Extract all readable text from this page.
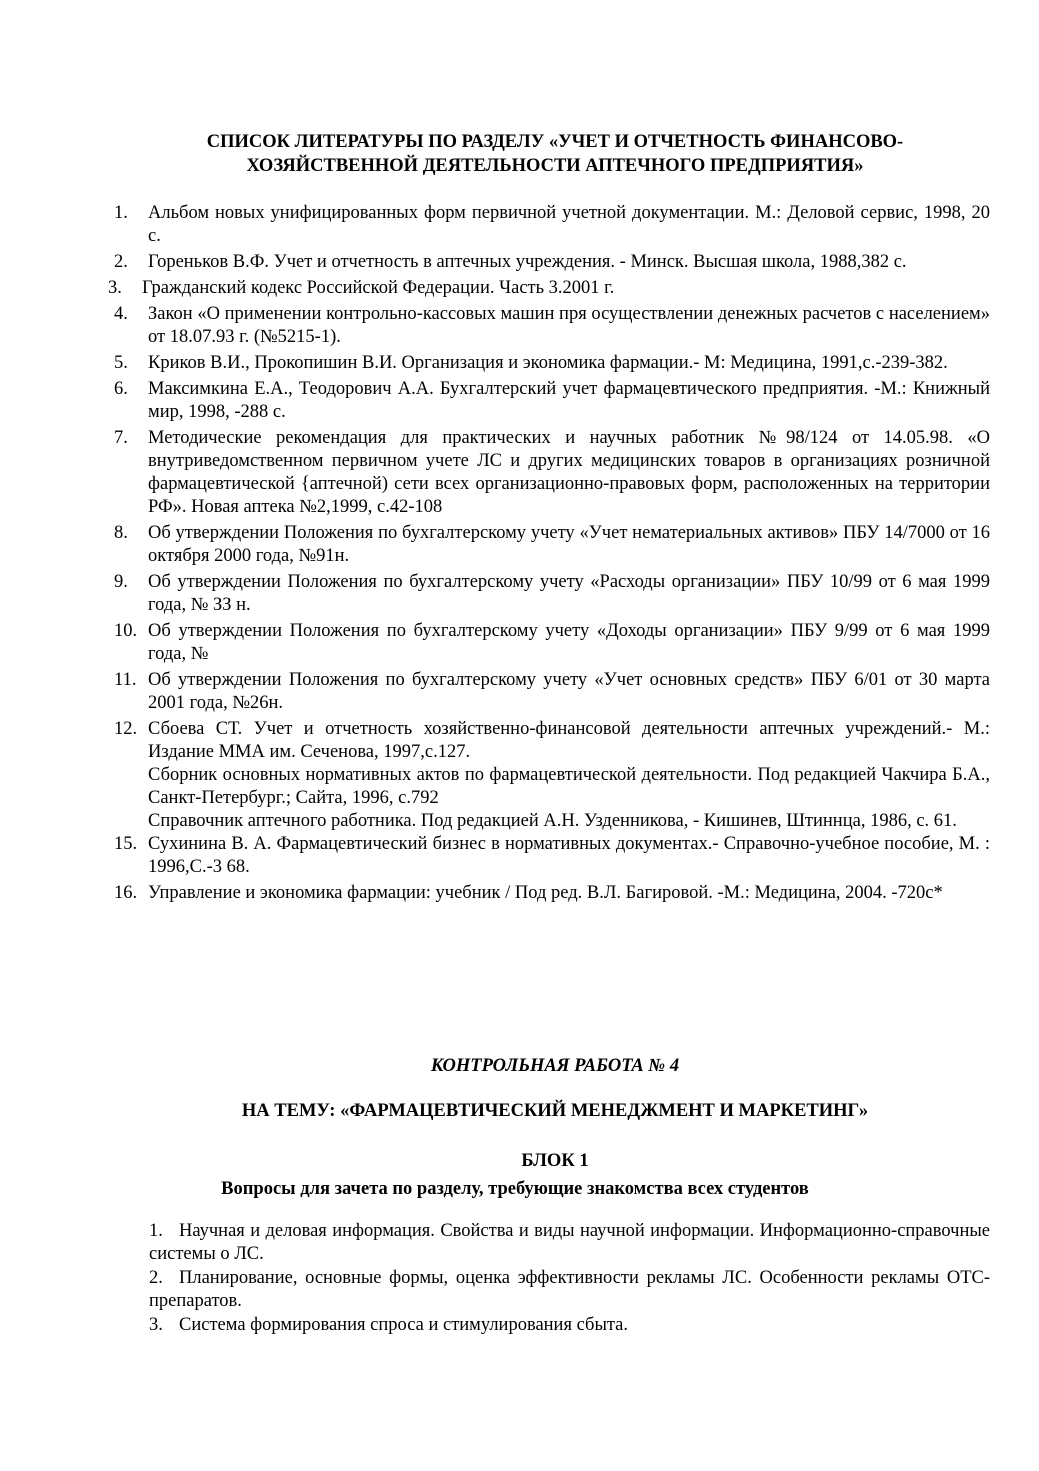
СПИСОК ЛИТЕРАТУРЫ ПО РАЗДЕЛУ «УЧЕТ И ОТЧЕТНОСТЬ ФИНАНСОВО-
ХОЗЯЙСТВЕННОЙ ДЕЯТЕЛЬНОСТИ АПТЕЧНОГО ПРЕДПРИЯТИЯ»
1.	Альбом новых унифицированных форм первичной учетной документации. М.: Деловой сервис, 1998, 20 с.
2.	Гореньков В.Ф. Учет и отчетность в аптечных учреждения. - Минск. Высшая школа, 1988,382 с.
3.	Гражданский кодекс Российской Федерации. Часть 3.2001 г.
4.	Закон «О применении контрольно-кассовых машин пря осуществлении денежных расчетов с населением» от 18.07.93 г. (№5215-1).
5.	Криков В.И., Прокопишин В.И. Организация и экономика фармации.- М: Медицина, 1991,с.-239-382.
6.	Максимкина Е.А., Теодорович А.А. Бухгалтерский учет фармацевтического предприятия. -М.: Книжный мир, 1998, -288 с.
7.	Методические рекомендация для практических и научных работник №98/124 от 14.05.98. «О внутриведомственном первичном учете ЛС и других медицинских товаров в организациях розничной фармацевтической {аптечной) сети всех организационно-правовых форм, расположенных на территории РФ». Новая аптека №2,1999, с.42-108
8.	Об утверждении Положения по бухгалтерскому учету «Учет нематериальных активов» ПБУ 14/7000 от 16 октября 2000 года, №91н.
9.	Об утверждении Положения по бухгалтерскому учету «Расходы организации» ПБУ 10/99 от 6 мая 1999 года, № ЗЗ н.
10. Об утверждении Положения по бухгалтерскому учету «Доходы организации» ПБУ 9/99 от 6 мая 1999 года, №
11. Об утверждении Положения по бухгалтерскому учету «Учет основных средств» ПБУ 6/01 от 30 марта 2001 года, №26н.
12. Сбоева СТ. Учет и отчетность хозяйственно-финансовой деятельности аптечных учреждений.- М.: Издание ММА им. Сеченова, 1997,с.127.
Сборник основных нормативных актов по фармацевтической деятельности. Под редакцией Чакчира Б.А., Санкт-Петербург.; Сайта, 1996, с.792
Справочник аптечного работника. Под редакцией А.Н. Узденникова, - Кишинев, Штиннца, 1986, с. 61.
15. Сухинина В. А. Фармацевтический бизнес в нормативных документах.- Справочно-учебное пособие, М. : 1996,С.-3 68.
16. Управление и экономика фармации: учебник / Под ред. В.Л. Багировой. -М.: Медицина, 2004. -720с*
КОНТРОЛЬНАЯ РАБОТА № 4
НА ТЕМУ: «ФАРМАЦЕВТИЧЕСКИЙ МЕНЕДЖМЕНТ И МАРКЕТИНГ»
БЛОК 1
Вопросы для зачета по разделу, требующие знакомства всех студентов
1. Научная и деловая информация. Свойства и виды научной информации. Информационно-справочные системы о ЛС.
2. Планирование, основные формы, оценка эффективности рекламы ЛС. Особенности рекламы ОТС-препаратов.
3. Система формирования спроса и стимулирования сбыта.
